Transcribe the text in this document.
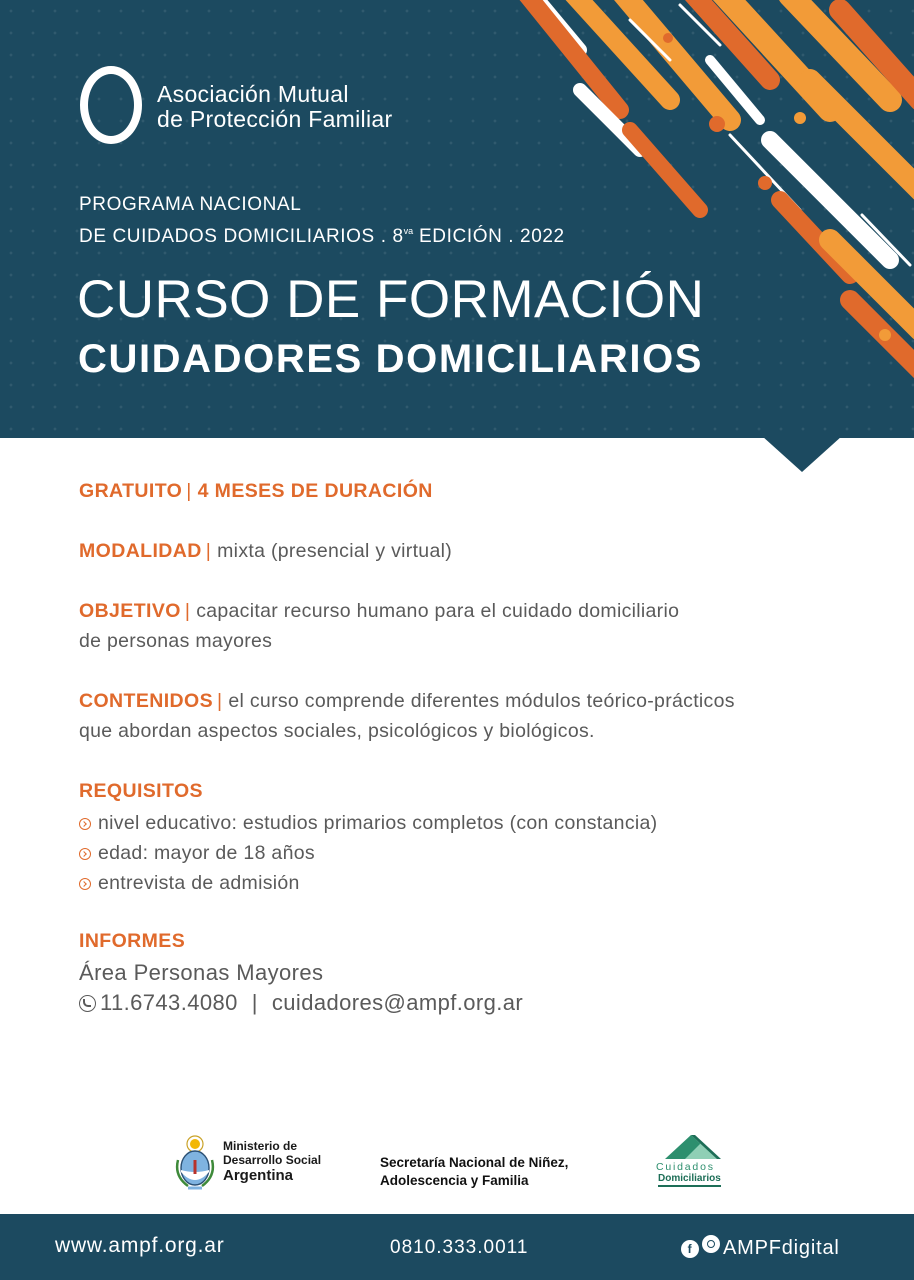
Asociación Mutual
de Protección Familiar
PROGRAMA NACIONAL
DE CUIDADOS DOMICILIARIOS . $8^{va}$ EDICIÓN . 2022
CURSO DE FORMACIÓN
CUIDADORES DOMICILIARIOS
GRATUITO | 4 MESES DE DURACIÓN
MODALIDAD | mixta (presencial y virtual)
OBJETIVO | capacitar recurso humano para el cuidado domiciliario
de personas mayores
CONTENIDOS | el curso comprende diferentes módulos teórico-prácticos
que abordan aspectos sociales, psicológicos y biológicos.
REQUISITOS
nivel educativo: estudios primarios completos (con constancia)
edad: mayor de 18 años
entrevista de admisión
INFORMES
Área Personas Mayores
11.6743.4080 | cuidadores@ampf.org.ar
Ministerio de
Desarrollo Social
Argentina
Secretaría Nacional de Niñez,
Adolescencia y Familia
Cuidados
Domiciliarios
www.ampf.org.ar	0810.333.0011	f AMPFdigital
